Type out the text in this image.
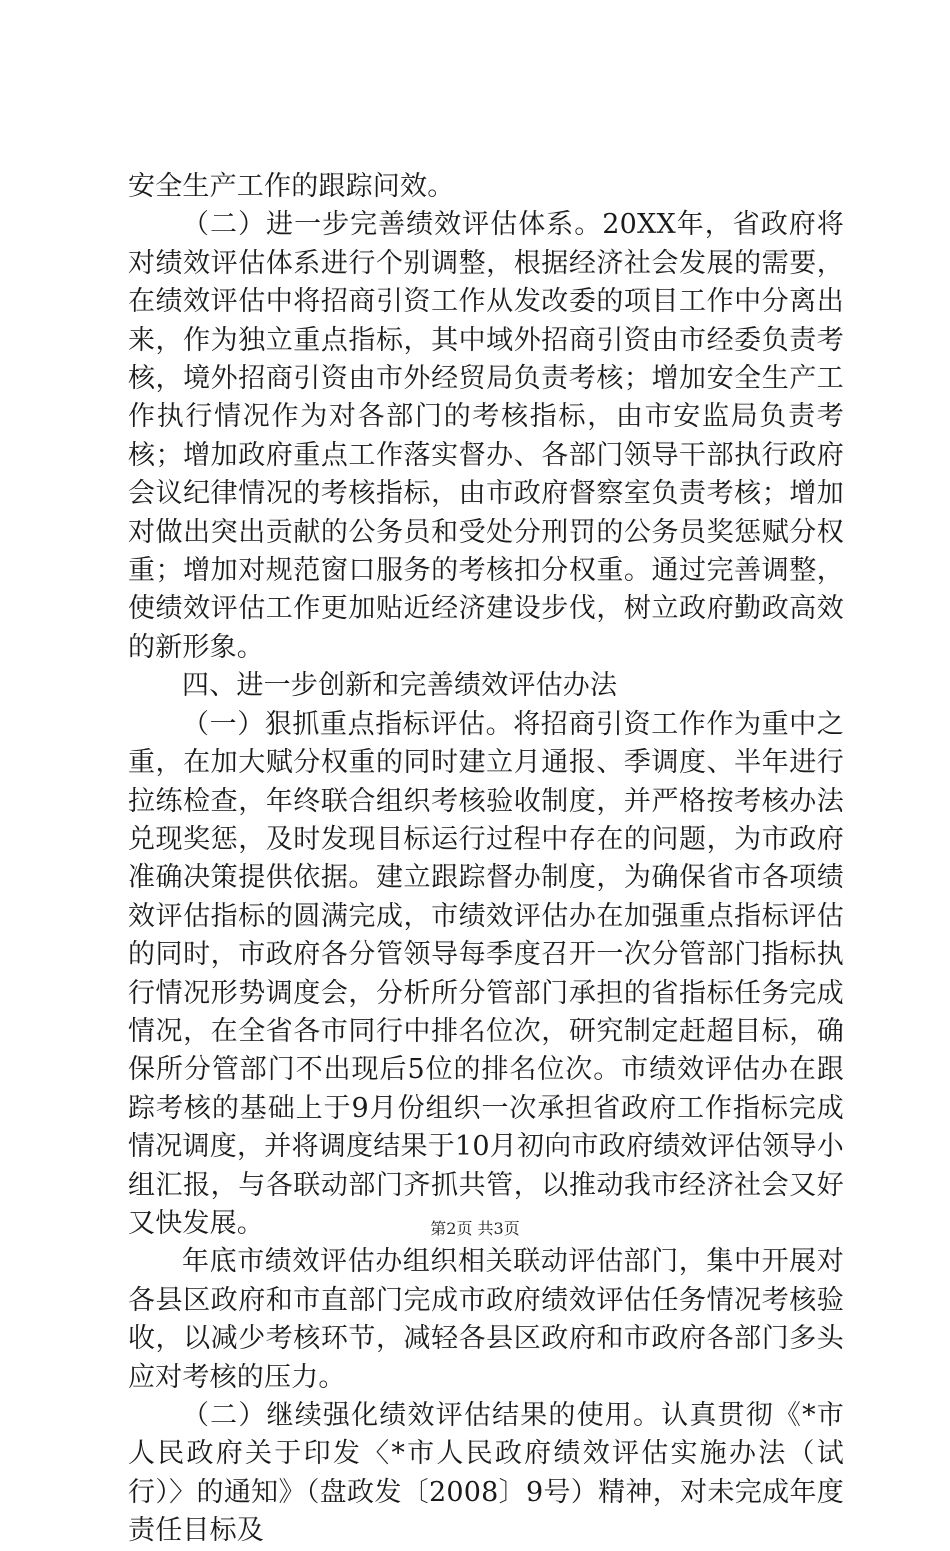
安全生产工作的跟踪问效。

（二）进一步完善绩效评估体系。20XX年，省政府将对绩效评估体系进行个别调整，根据经济社会发展的需要，在绩效评估中将招商引资工作从发改委的项目工作中分离出来，作为独立重点指标，其中域外招商引资由市经委负责考核，境外招商引资由市外经贸局负责考核；增加安全生产工作执行情况作为对各部门的考核指标，由市安监局负责考核；增加政府重点工作落实督办、各部门领导干部执行政府会议纪律情况的考核指标，由市政府督察室负责考核；增加对做出突出贡献的公务员和受处分刑罚的公务员奖惩赋分权重；增加对规范窗口服务的考核扣分权重。通过完善调整，使绩效评估工作更加贴近经济建设步伐，树立政府勤政高效的新形象。

四、进一步创新和完善绩效评估办法

（一）狠抓重点指标评估。将招商引资工作作为重中之重，在加大赋分权重的同时建立月通报、季调度、半年进行拉练检查，年终联合组织考核验收制度，并严格按考核办法兑现奖惩，及时发现目标运行过程中存在的问题，为市政府准确决策提供依据。建立跟踪督办制度，为确保省市各项绩效评估指标的圆满完成，市绩效评估办在加强重点指标评估的同时，市政府各分管领导每季度召开一次分管部门指标执行情况形势调度会，分析所分管部门承担的省指标任务完成情况，在全省各市同行中排名位次，研究制定赶超目标，确保所分管部门不出现后5位的排名位次。市绩效评估办在跟踪考核的基础上于9月份组织一次承担省政府工作指标完成情况调度，并将调度结果于10月初向市政府绩效评估领导小组汇报，与各联动部门齐抓共管，以推动我市经济社会又好又快发展。

年底市绩效评估办组织相关联动评估部门，集中开展对各县区政府和市直部门完成市政府绩效评估任务情况考核验收，以减少考核环节，减轻各县区政府和市政府各部门多头应对考核的压力。

（二）继续强化绩效评估结果的使用。认真贯彻《*市人民政府关于印发〈*市人民政府绩效评估实施办法（试行）〉的通知》（盘政发〔2008〕9号）精神，对未完成年度责任目标及

第2页 共3页
